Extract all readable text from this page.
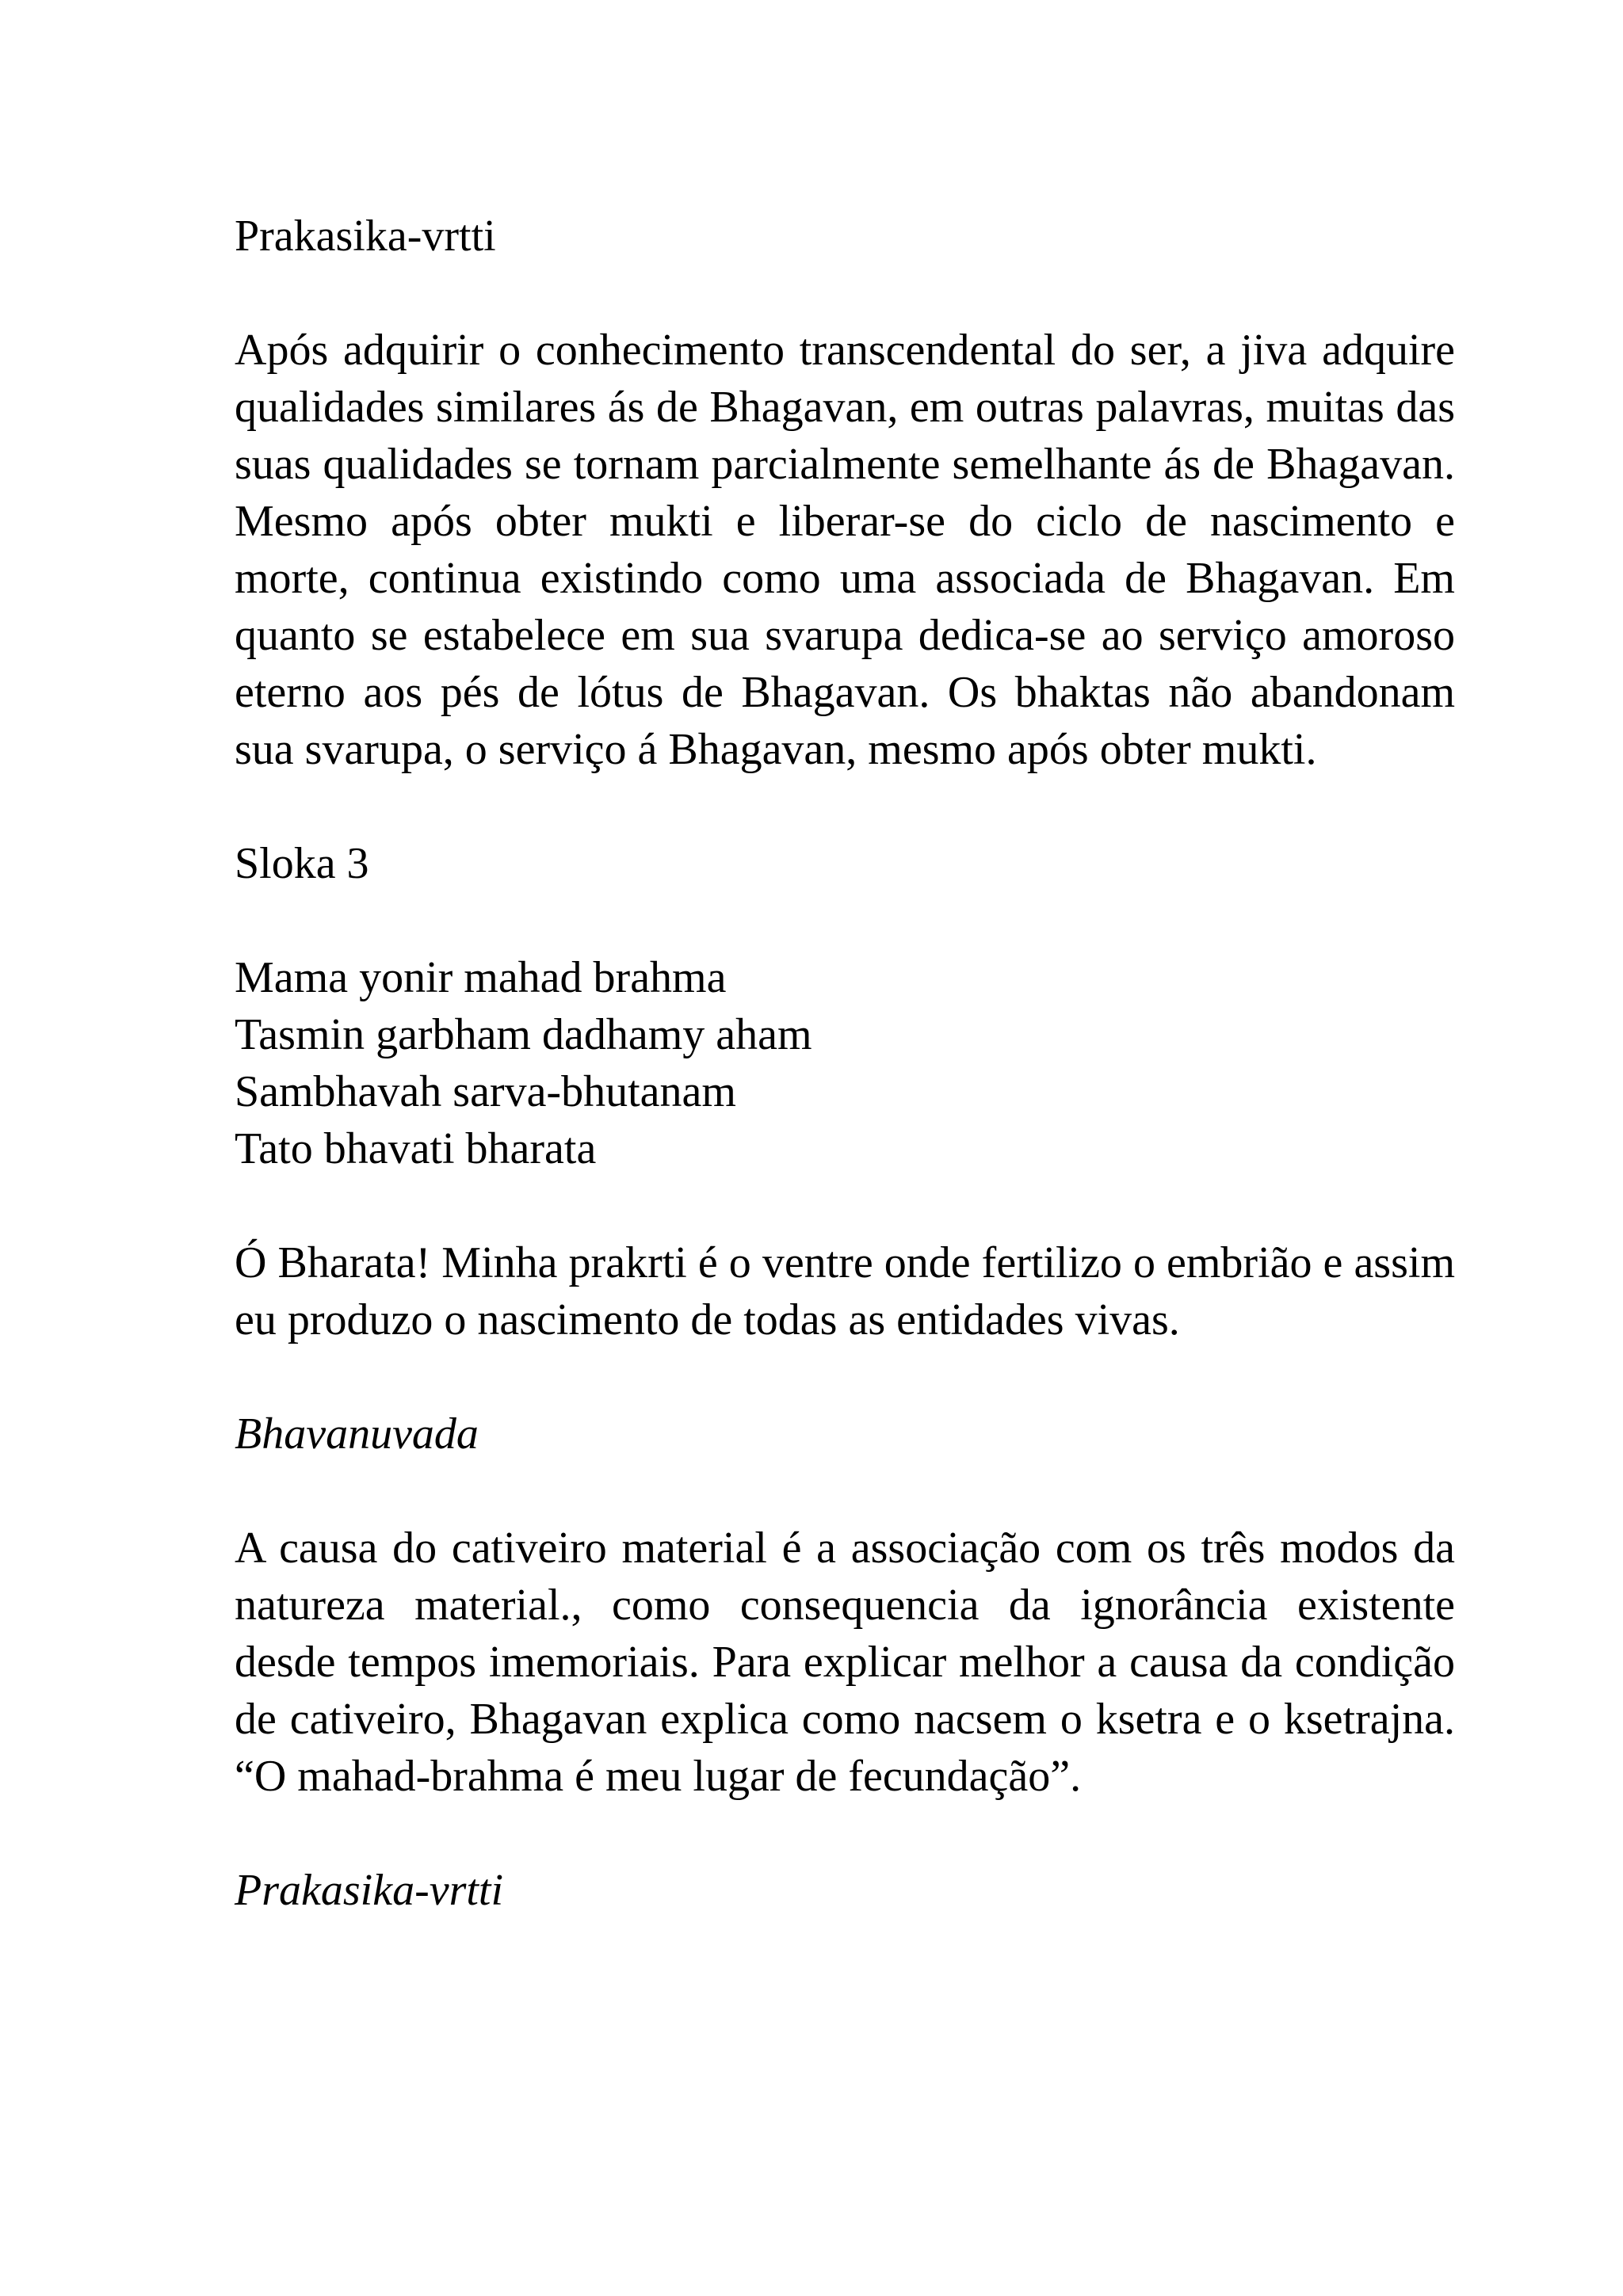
Prakasika-vrtti

Após adquirir o conhecimento transcendental do ser, a jiva adquire qualidades similares ás de Bhagavan, em outras palavras, muitas das suas qualidades se tornam parcialmente semelhante ás de Bhagavan. Mesmo após obter mukti e liberar-se do ciclo de nascimento e morte, continua existindo como uma associada de Bhagavan. Em quanto se estabelece em sua svarupa dedica-se ao serviço amoroso eterno aos pés de lótus de Bhagavan. Os bhaktas não abandonam sua svarupa, o serviço á Bhagavan, mesmo após obter mukti.

Sloka 3

Mama yonir mahad brahma

Tasmin garbham dadhamy aham

Sambhavah sarva-bhutanam

Tato bhavati bharata

Ó Bharata! Minha prakrti é o ventre onde fertilizo o embrião e assim eu produzo o nascimento de todas as entidades vivas.

Bhavanuvada

A causa do cativeiro material é a associação com os três modos da natureza material., como consequencia da ignorância existente desde tempos imemoriais. Para explicar melhor a causa da condição de cativeiro, Bhagavan explica como nacsem o ksetra e o ksetrajna. “O mahad-brahma é meu lugar de fecundação”.

Prakasika-vrtti
